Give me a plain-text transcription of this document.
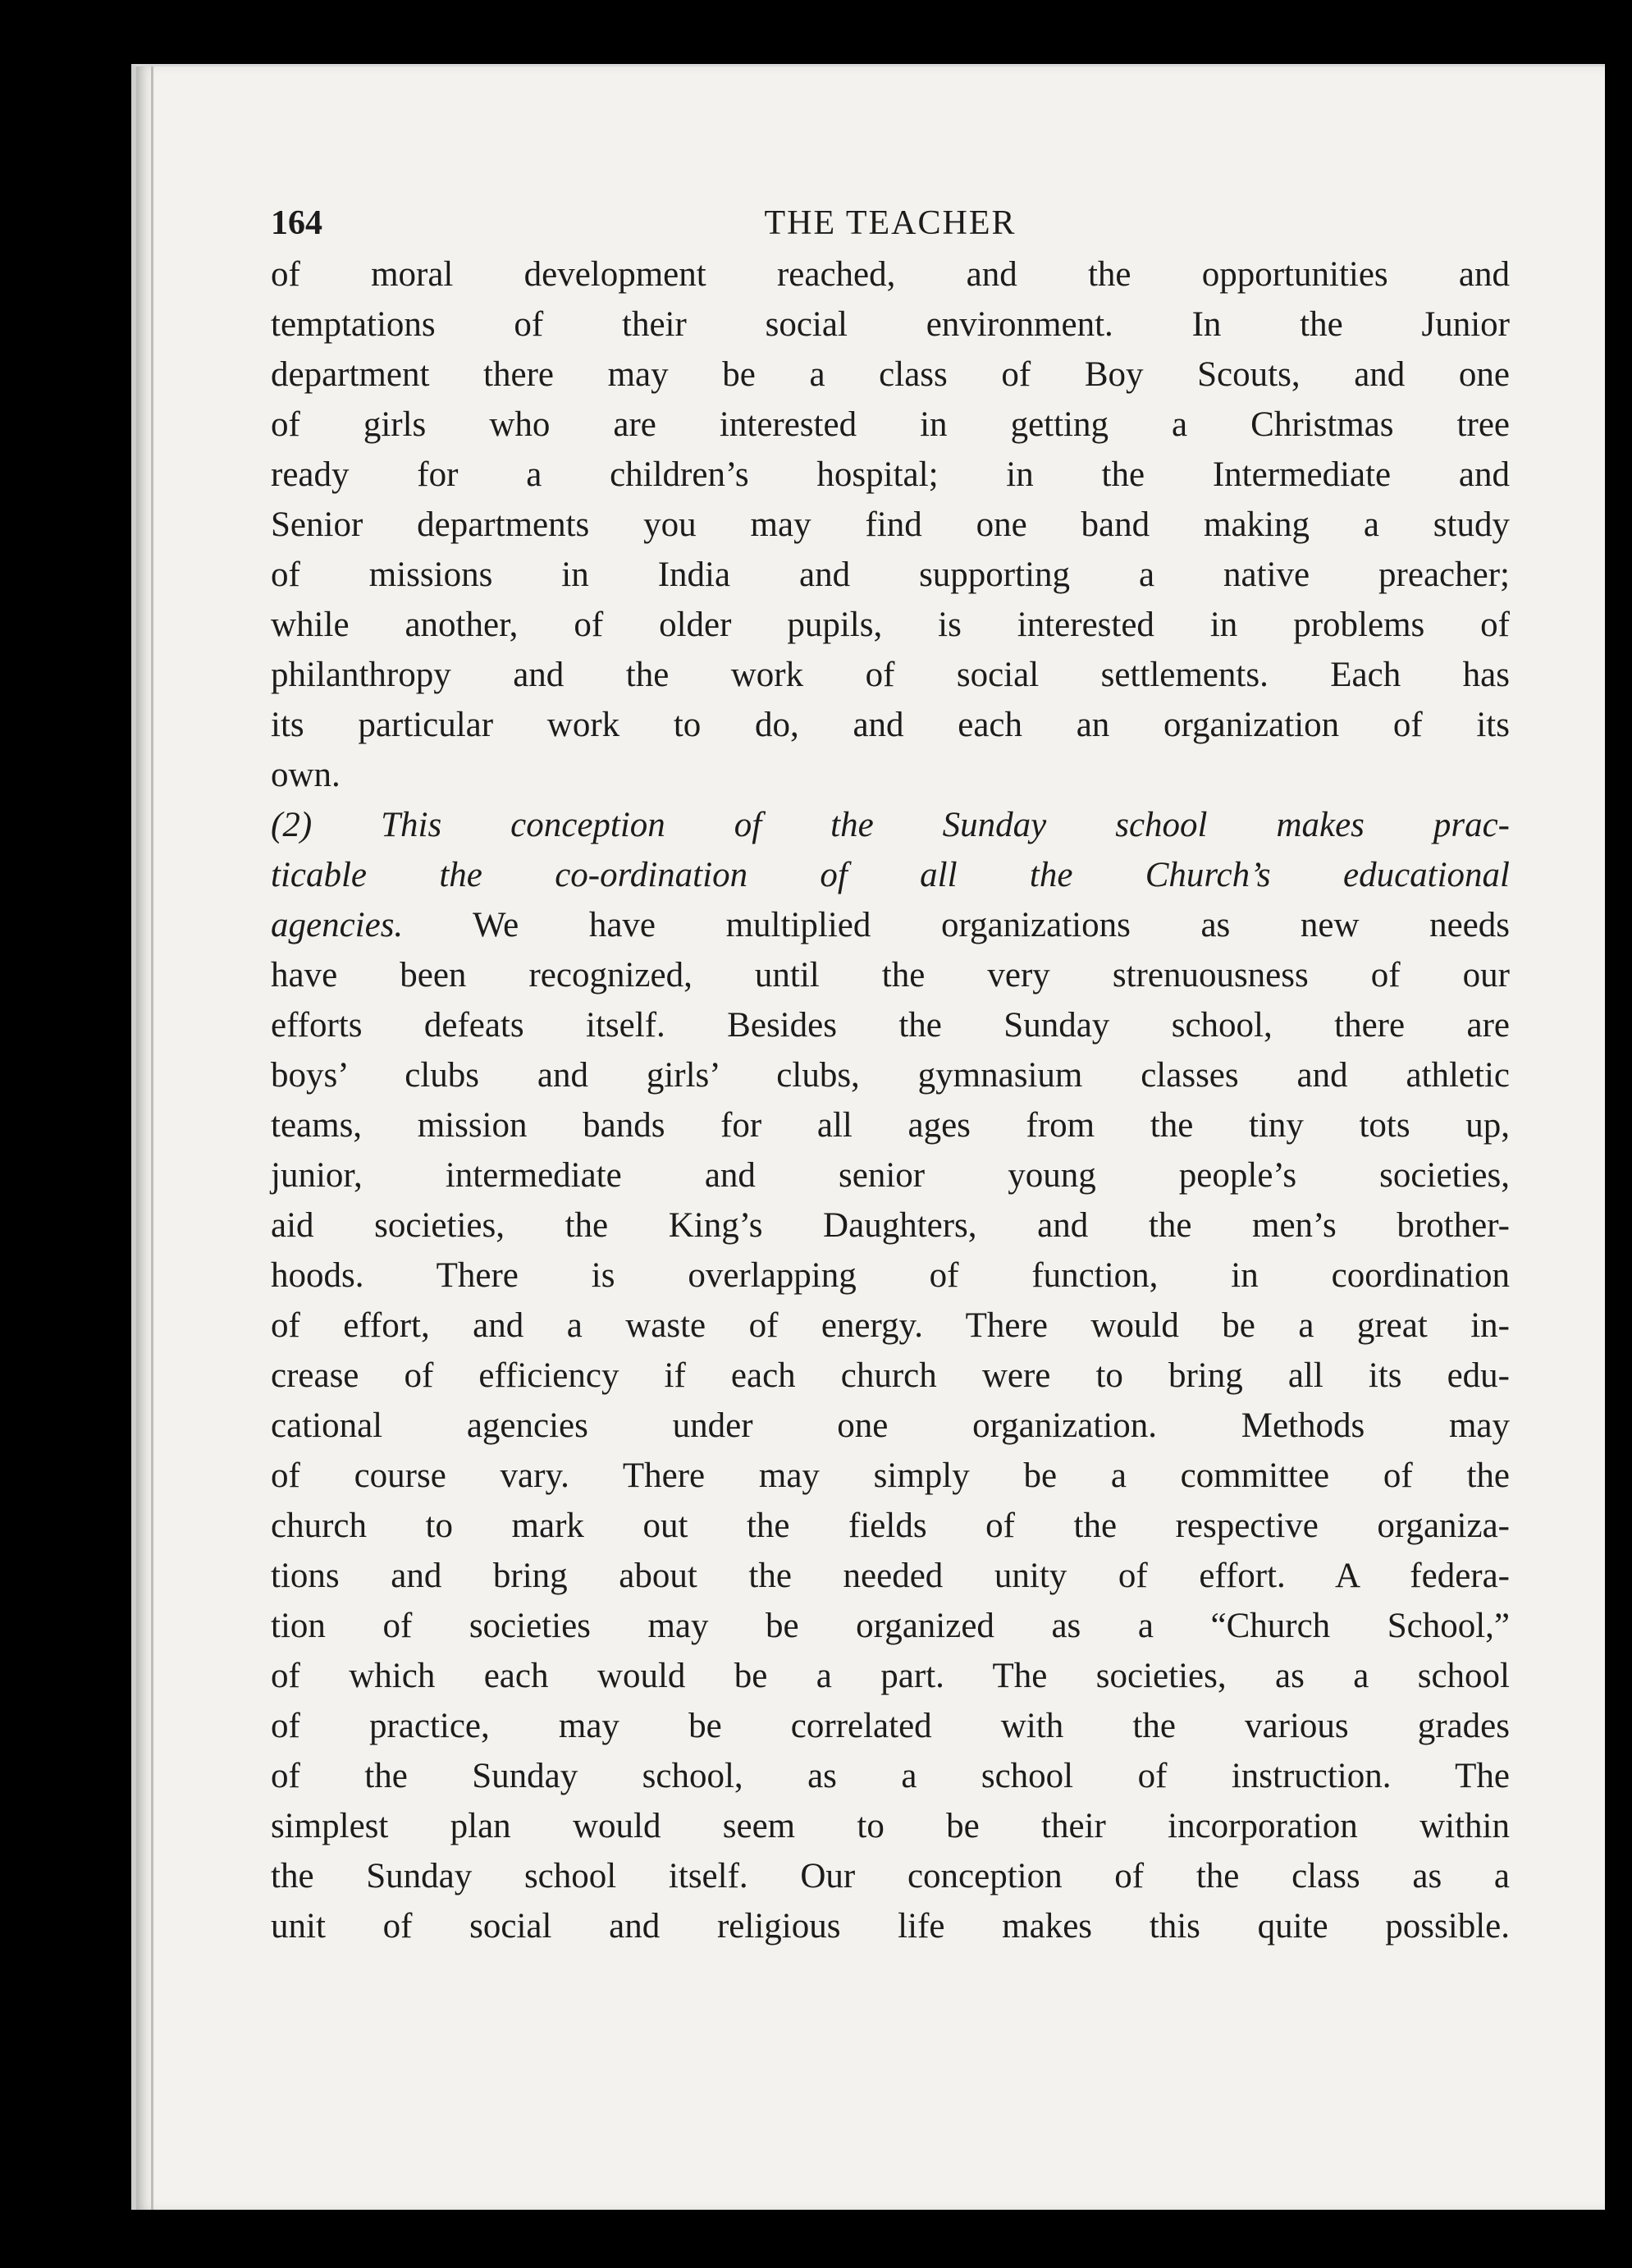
164	THE TEACHER
of moral development reached, and the opportunities and
temptations of their social environment. In the Junior
department there may be a class of Boy Scouts, and one
of girls who are interested in getting a Christmas tree
ready for a children’s hospital; in the Intermediate and
Senior departments you may find one band making a study
of missions in India and supporting a native preacher;
while another, of older pupils, is interested in problems of
philanthropy and the work of social settlements. Each has
its particular work to do, and each an organization of its
own.
(2) This conception of the Sunday school makes prac-
ticable the co-ordination of all the Church’s educational
agencies. We have multiplied organizations as new needs
have been recognized, until the very strenuousness of our
efforts defeats itself. Besides the Sunday school, there are
boys’ clubs and girls’ clubs, gymnasium classes and athletic
teams, mission bands for all ages from the tiny tots up,
junior, intermediate and senior young people’s societies,
aid societies, the King’s Daughters, and the men’s brother-
hoods. There is overlapping of function, in coordination
of effort, and a waste of energy. There would be a great in-
crease of efficiency if each church were to bring all its edu-
cational agencies under one organization. Methods may
of course vary. There may simply be a committee of the
church to mark out the fields of the respective organiza-
tions and bring about the needed unity of effort. A federa-
tion of societies may be organized as a “Church School,”
of which each would be a part. The societies, as a school
of practice, may be correlated with the various grades
of the Sunday school, as a school of instruction. The
simplest plan would seem to be their incorporation within
the Sunday school itself. Our conception of the class as a
unit of social and religious life makes this quite possible.
